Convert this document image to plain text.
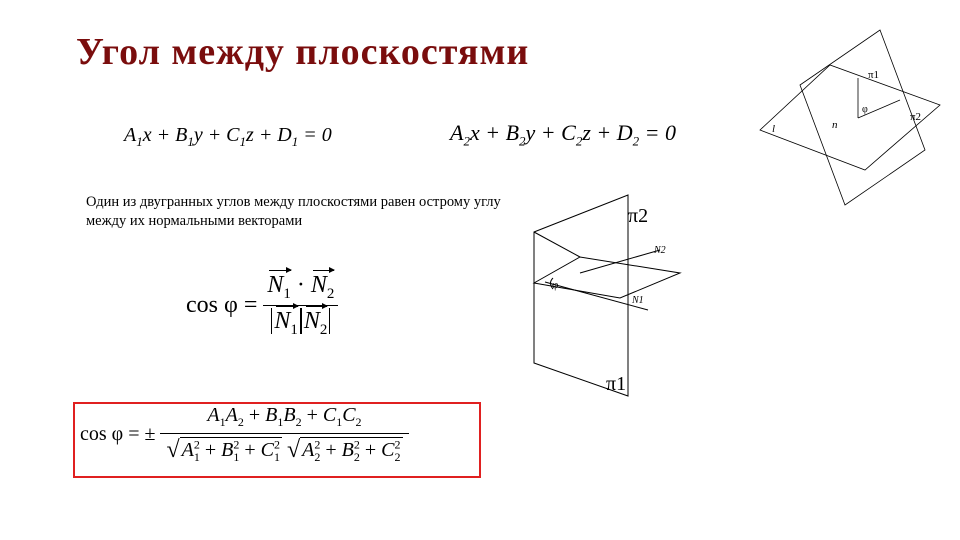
Угол между плоскостями
$A_1x + B_1y + C_1z + D_1 = 0$	$A_2x + B_2y + C_2z + D_2 = 0$
Один из двугранных углов между плоскостями равен острому углу между их нормальными векторами
$\cos \varphi = \frac{N_1 \cdot N_2}{N_1 N_2}$
cos φ = ± $\frac{A_1A_2 + B_1B_2 + C_1C_2}{√ A^2_1 + B^2_1 + C^2_1 √ A^2_2 + B^2_2 + C^2_2}$
π2
π1
φ
N2
N1
π1
π2
l	n
φ
